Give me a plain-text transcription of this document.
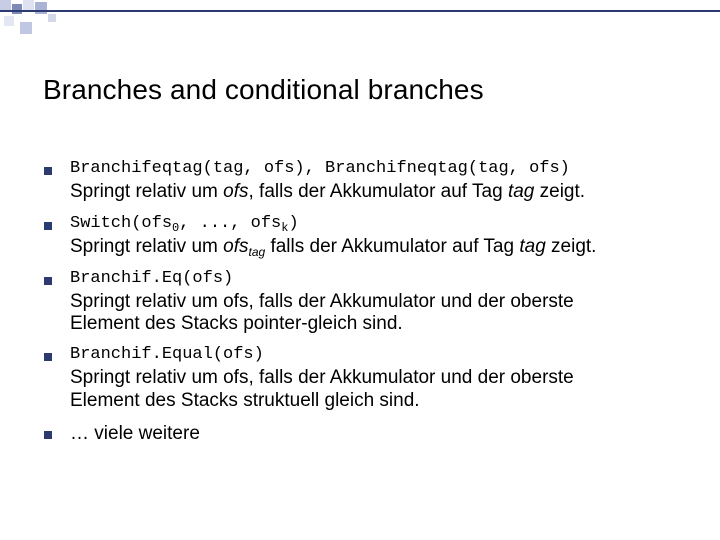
Branches and conditional branches
Branchifeqtag(tag, ofs), Branchifneqtag(tag, ofs)
Springt relativ um ofs, falls der Akkumulator auf Tag tag zeigt.
Switch(ofs$_0$, ..., ofs$_k$)
Springt relativ um ofs$_{tag}$ falls der Akkumulator auf Tag tag zeigt.
Branchif.Eq(ofs)
Springt relativ um ofs, falls der Akkumulator und der oberste
Element des Stacks pointer-gleich sind.
Branchif.Equal(ofs)
Springt relativ um ofs, falls der Akkumulator und der oberste
Element des Stacks struktuell gleich sind.
… viele weitere
